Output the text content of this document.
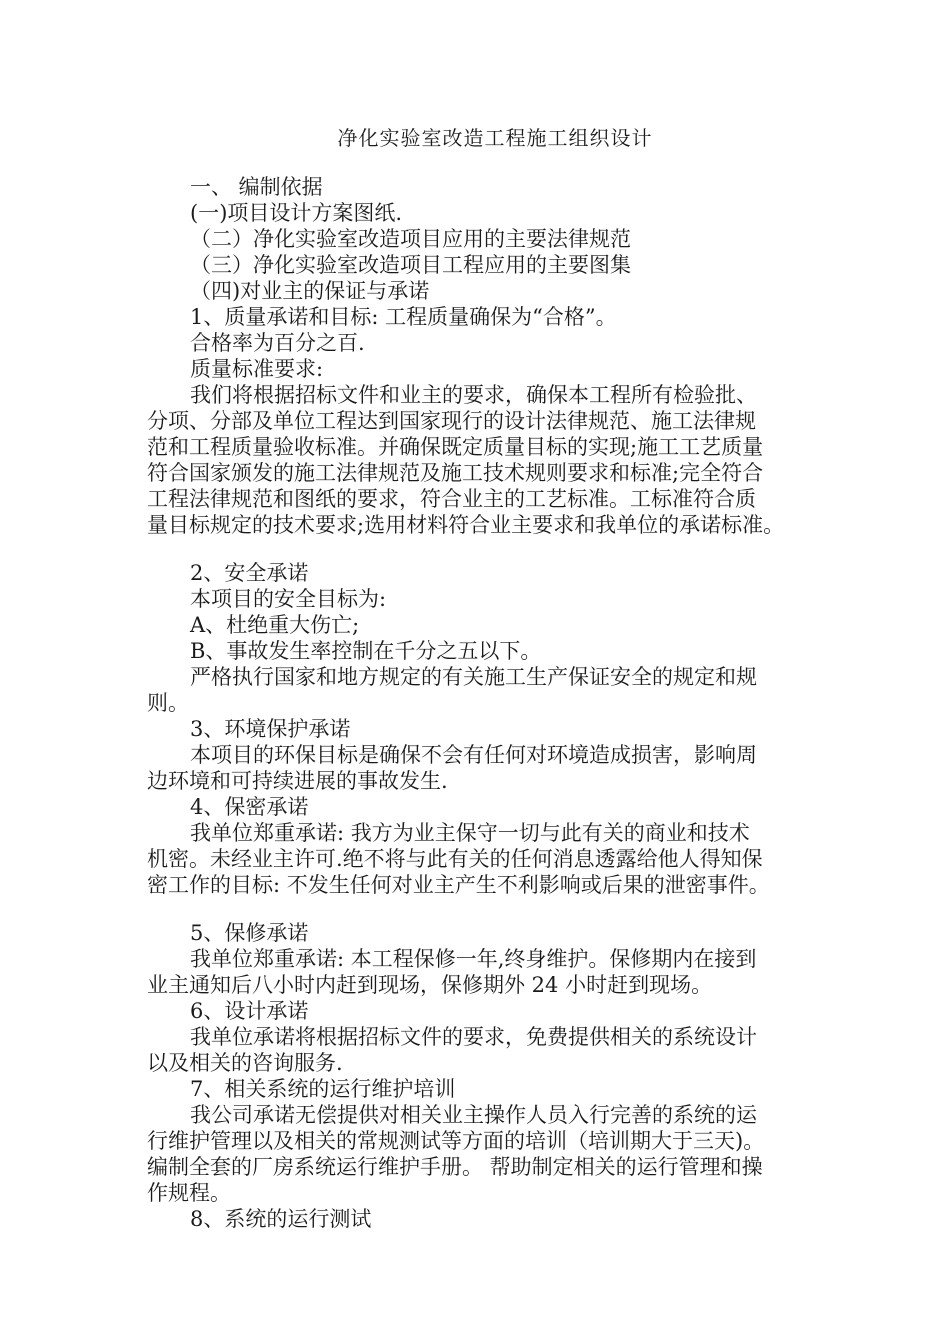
净化实验室改造工程施工组织设计

一、 编制依据

(一)项目设计方案图纸.

（二）净化实验室改造项目应用的主要法律规范

（三）净化实验室改造项目工程应用的主要图集

（四)对业主的保证与承诺

1、质量承诺和目标: 工程质量确保为“合格”。

合格率为百分之百.

质量标准要求:

我们将根据招标文件和业主的要求，确保本工程所有检验批、

分项、分部及单位工程达到国家现行的设计法律规范、施工法律规

范和工程质量验收标准。并确保既定质量目标的实现;施工工艺质量

符合国家颁发的施工法律规范及施工技术规则要求和标准;完全符合

工程法律规范和图纸的要求，符合业主的工艺标准。工标准符合质

量目标规定的技术要求;选用材料符合业主要求和我单位的承诺标准。

2、安全承诺

本项目的安全目标为:

A、杜绝重大伤亡;

B、事故发生率控制在千分之五以下。

严格执行国家和地方规定的有关施工生产保证安全的规定和规

则。

3、环境保护承诺

本项目的环保目标是确保不会有任何对环境造成损害，影响周

边环境和可持续进展的事故发生.

4、保密承诺

我单位郑重承诺: 我方为业主保守一切与此有关的商业和技术

机密。未经业主许可.绝不将与此有关的任何消息透露给他人得知保

密工作的目标: 不发生任何对业主产生不利影响或后果的泄密事件。

5、保修承诺

我单位郑重承诺: 本工程保修一年,终身维护。保修期内在接到

业主通知后八小时内赶到现场，保修期外 24 小时赶到现场。

6、设计承诺

我单位承诺将根据招标文件的要求，免费提供相关的系统设计

以及相关的咨询服务.

7、相关系统的运行维护培训

我公司承诺无偿提供对相关业主操作人员入行完善的系统的运

行维护管理以及相关的常规测试等方面的培训（培训期大于三天)。

编制全套的厂房系统运行维护手册。 帮助制定相关的运行管理和操

作规程。

8、系统的运行测试
